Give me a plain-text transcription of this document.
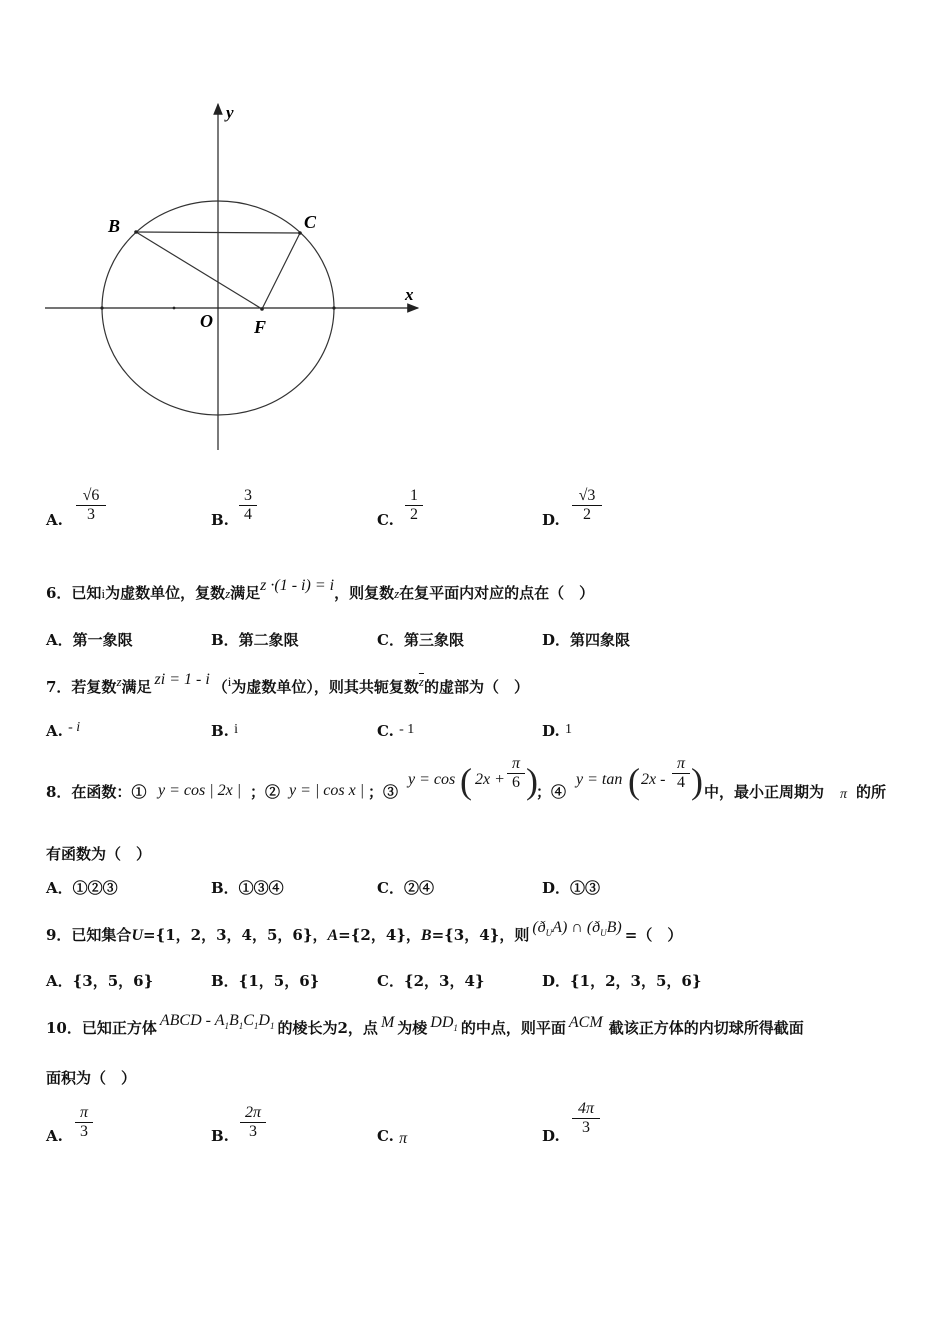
y
x
B	C
O F
A.
√6
3	B.
3
4	C.
1
2	D.
√3
2
6．已知i为虚数单位，复数z满足z ·(1 - i) = i，则复数z在复平面内对应的点在（　）
A．第一象限	B．第二象限	C．第三象限	D．第四象限
7．若复数z满足 zi = 1 - i （i为虚数单位），则其共轭复数$\overline{z}$的虚部为（　）
A. - i	B. i	C. - 1	D. 1
8．在函数：① y = cos | 2x | ；② y = | cos x | ；③
y = cos ( 2x +
π
6 )
；④
y = tan ( 2x -
π
4 ) 中，最小正周期为 π 的所
有函数为（　）
A．①②③	B．①③④	C．②④	D．①③
9．已知集合U={1，2，3，4，5，6}，A={2，4}，B={3，4}，则 $(ð_UA)$ ∩ $(ð_UB)$ =（　）
A．{3，5，6}	B．{1，5，6}	C．{2，3，4}	D．{1，2，3，5，6}
10．已知正方体 ABCD - $A_1B_1C_1D_1$ 的棱长为2，点 M 为棱 $DD_1$ 的中点，则平面 ACM 截该正方体的内切球所得截面
面积为（　）
A.
π
3	B.
2π
3	C. π	D.
4π
3
